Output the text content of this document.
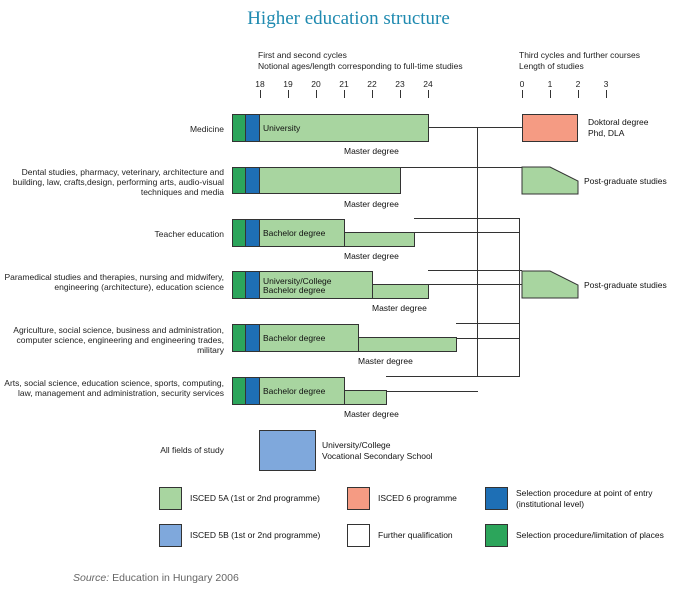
Higher education structure
First and second cycles
Notional ages/length corresponding to full-time studies
Third cycles and further courses
Length of studies
18	19	20	21	22	23	24	0	1	2	3
Medicine	University
Master degree
Dental studies, pharmacy, veterinary, architecture and building, law, crafts,design, performing arts, audio-visual techniques and media
Master degree
Teacher education	Bachelor degree
Master degree
Paramedical studies and therapies, nursing and midwifery, engineering (architecture), education science
University/College Bachelor degree
Master degree
Agriculture, social science, business and administration, computer science, engineering and engineering trades, military
Bachelor degree
Master degree
Arts, social science, education science, sports, computing, law, management and administration, security services	Bachelor degree
Master degree
All fields of study	University/College
Vocational Secondary School
Doktoral degree Phd, DLA
Post-graduate studies
Post-graduate studies
ISCED 5A (1st or 2nd programme)	ISCED 6 programme	Selection procedure at point of entry (institutional level)
ISCED 5B (1st or 2nd programme)	Further qualification	Selection procedure/limitation of places
Source: Education in Hungary 2006
